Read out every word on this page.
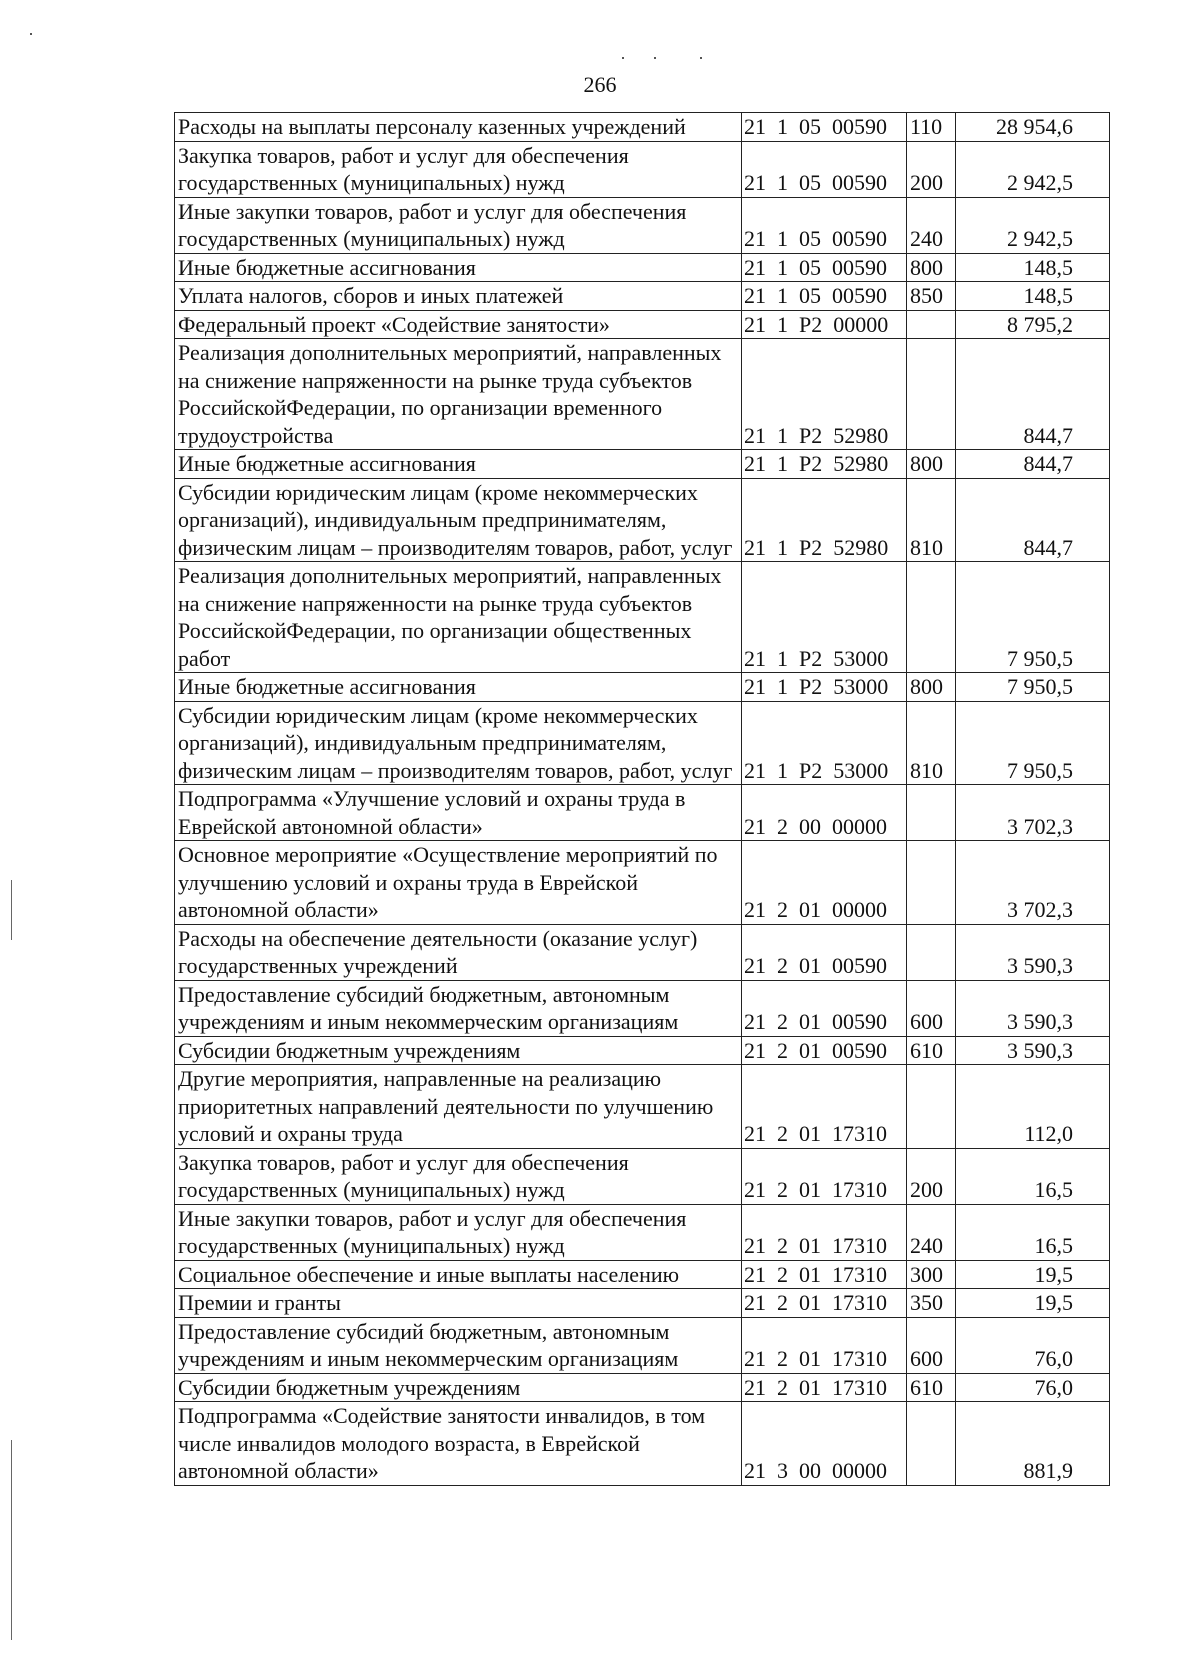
266
Расходы на выплаты персоналу казенных учреждений	21  1  05  00590	110	28 954,6
Закупка товаров, работ и услуг для обеспечения государственных (муниципальных) нужд	21  1  05  00590	200	2 942,5
Иные закупки товаров, работ и услуг для обеспечения государственных (муниципальных) нужд	21  1  05  00590	240	2 942,5
Иные бюджетные ассигнования	21  1  05  00590	800	148,5
Уплата налогов, сборов и иных платежей	21  1  05  00590	850	148,5
Федеральный проект «Содействие занятости»	21  1  Р2  00000		8 795,2
Реализация дополнительных мероприятий, направленных на снижение напряженности на рынке труда субъектов РоссийскойФедерации, по организации временного трудоустройства	21  1  Р2  52980		844,7
Иные бюджетные ассигнования	21  1  Р2  52980	800	844,7
Субсидии юридическим лицам (кроме некоммерческих организаций), индивидуальным предпринимателям, физическим лицам – производителям товаров, работ, услуг	21  1  Р2  52980	810	844,7
Реализация дополнительных мероприятий, направленных на снижение напряженности на рынке труда субъектов РоссийскойФедерации, по организации общественных работ	21  1  Р2  53000		7 950,5
Иные бюджетные ассигнования	21  1  Р2  53000	800	7 950,5
Субсидии юридическим лицам (кроме некоммерческих организаций), индивидуальным предпринимателям, физическим лицам – производителям товаров, работ, услуг	21  1  Р2  53000	810	7 950,5
Подпрограмма «Улучшение условий и охраны труда в Еврейской автономной области»	21  2  00  00000		3 702,3
Основное мероприятие «Осуществление мероприятий по улучшению условий и охраны труда в Еврейской автономной области»	21  2  01  00000		3 702,3
Расходы на обеспечение деятельности (оказание услуг) государственных учреждений	21  2  01  00590		3 590,3
Предоставление субсидий бюджетным, автономным учреждениям и иным некоммерческим организациям	21  2  01  00590	600	3 590,3
Субсидии бюджетным учреждениям	21  2  01  00590	610	3 590,3
Другие мероприятия, направленные на реализацию приоритетных направлений деятельности по улучшению условий и охраны труда	21  2  01  17310		112,0
Закупка товаров, работ и услуг для обеспечения государственных (муниципальных) нужд	21  2  01  17310	200	16,5
Иные закупки товаров, работ и услуг для обеспечения государственных (муниципальных) нужд	21  2  01  17310	240	16,5
Социальное обеспечение и иные выплаты населению	21  2  01  17310	300	19,5
Премии и гранты	21  2  01  17310	350	19,5
Предоставление субсидий бюджетным, автономным учреждениям и иным некоммерческим организациям	21  2  01  17310	600	76,0
Субсидии бюджетным учреждениям	21  2  01  17310	610	76,0
Подпрограмма «Содействие занятости инвалидов, в том числе инвалидов молодого возраста, в Еврейской автономной области»	21  3  00  00000		881,9
